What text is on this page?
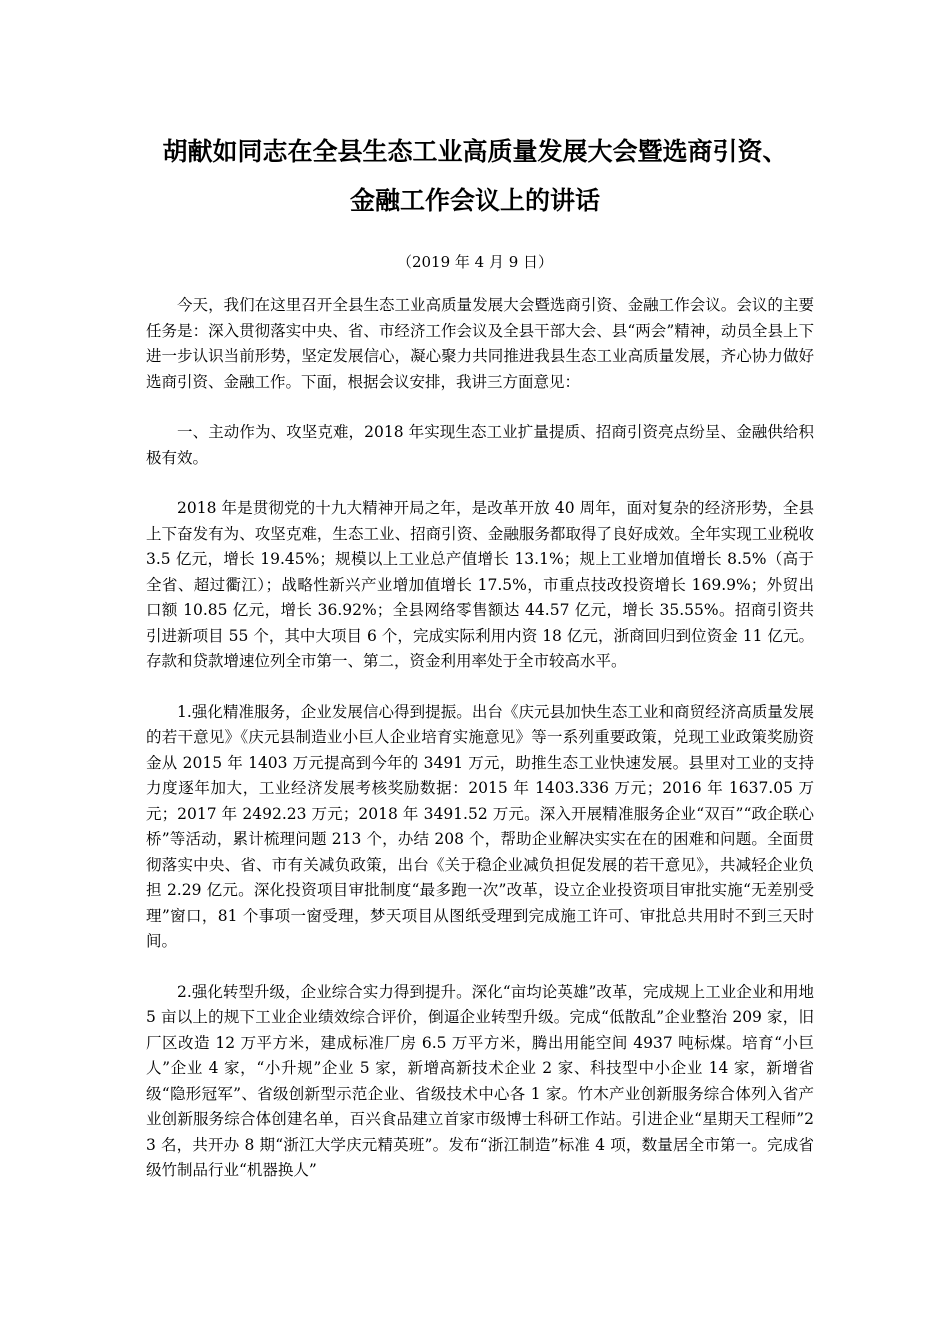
胡献如同志在全县生态工业高质量发展大会暨选商引资、
金融工作会议上的讲话
（2019 年 4 月 9 日）

今天，我们在这里召开全县生态工业高质量发展大会暨选商引资、金融工作会议。会议的主要任务是：深入贯彻落实中央、省、市经济工作会议及全县干部大会、县“两会”精神，动员全县上下进一步认识当前形势，坚定发展信心，凝心聚力共同推进我县生态工业高质量发展，齐心协力做好选商引资、金融工作。下面，根据会议安排，我讲三方面意见：

一、主动作为、攻坚克难，2018 年实现生态工业扩量提质、招商引资亮点纷呈、金融供给积极有效。

2018 年是贯彻党的十九大精神开局之年，是改革开放 40 周年，面对复杂的经济形势，全县上下奋发有为、攻坚克难，生态工业、招商引资、金融服务都取得了良好成效。全年实现工业税收 3.5 亿元，增长 19.45%；规模以上工业总产值增长 13.1%；规上工业增加值增长 8.5%（高于全省、超过衢江）；战略性新兴产业增加值增长 17.5%，市重点技改投资增长 169.9%；外贸出口额 10.85 亿元，增长 36.92%；全县网络零售额达 44.57 亿元，增长 35.55%。招商引资共引进新项目 55 个，其中大项目 6 个，完成实际利用内资 18 亿元，浙商回归到位资金 11 亿元。存款和贷款增速位列全市第一、第二，资金利用率处于全市较高水平。

1.强化精准服务，企业发展信心得到提振。出台《庆元县加快生态工业和商贸经济高质量发展的若干意见》《庆元县制造业小巨人企业培育实施意见》等一系列重要政策，兑现工业政策奖励资金从 2015 年 1403 万元提高到今年的 3491 万元，助推生态工业快速发展。县里对工业的支持力度逐年加大，工业经济发展考核奖励数据：2015 年 1403.336 万元；2016 年 1637.05 万元；2017 年 2492.23 万元；2018 年 3491.52 万元。深入开展精准服务企业“双百”“政企联心桥”等活动，累计梳理问题 213 个，办结 208 个，帮助企业解决实实在在的困难和问题。全面贯彻落实中央、省、市有关减负政策，出台《关于稳企业减负担促发展的若干意见》，共减轻企业负担 2.29 亿元。深化投资项目审批制度“最多跑一次”改革，设立企业投资项目审批实施“无差别受理”窗口，81 个事项一窗受理，梦天项目从图纸受理到完成施工许可、审批总共用时不到三天时间。

2.强化转型升级，企业综合实力得到提升。深化“亩均论英雄”改革，完成规上工业企业和用地 5 亩以上的规下工业企业绩效综合评价，倒逼企业转型升级。完成“低散乱”企业整治 209 家，旧厂区改造 12 万平方米，建成标准厂房 6.5 万平方米，腾出用能空间 4937 吨标煤。培育“小巨人”企业 4 家，“小升规”企业 5 家，新增高新技术企业 2 家、科技型中小企业 14 家，新增省级“隐形冠军”、省级创新型示范企业、省级技术中心各 1 家。竹木产业创新服务综合体列入省产业创新服务综合体创建名单，百兴食品建立首家市级博士科研工作站。引进企业“星期天工程师”23 名，共开办 8 期“浙江大学庆元精英班”。发布“浙江制造”标准 4 项，数量居全市第一。完成省级竹制品行业“机器换人”
